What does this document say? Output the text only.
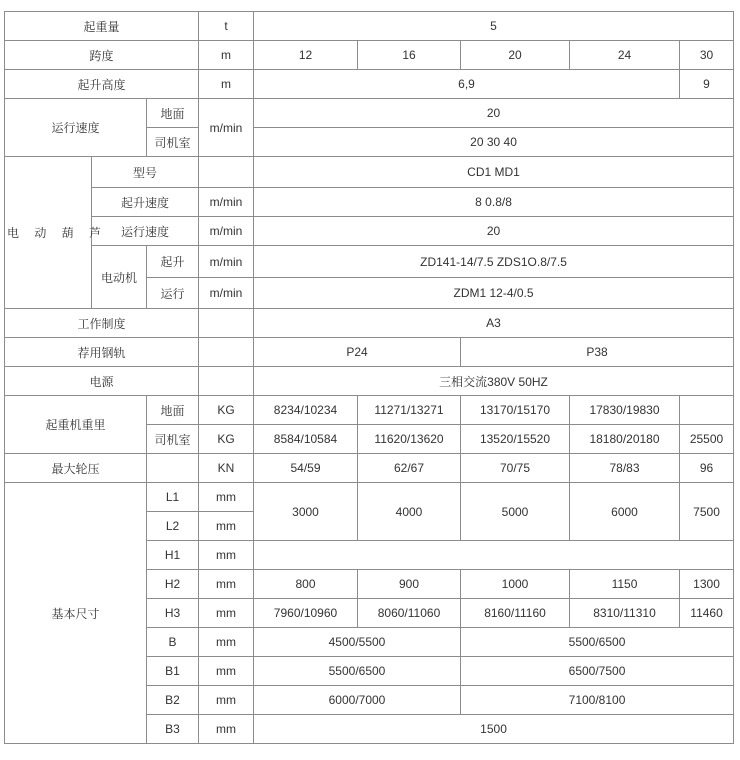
起重量			t	5				
跨度			m	12	16	20	24	30
起升高度			m	6,9				9
运行速度		地面	m/min	20				
		司机室		20 30 40				
电 动 葫 芦	型号			CD1 MD1				
	起升速度		m/min	8 0.8/8				
	运行速度		m/min	20				
	电动机	起升	m/min	ZD141-14/7.5 ZDS1O.8/7.5				
		运行	m/min	ZDM1 12-4/0.5				
工作制度				A3				
荐用钢轨				P24		P38		
电源				三相交流380V 50HZ				
起重机重里		地面	KG	8234/10234	11271/13271	13170/15170	17830/19830	
		司机室	KG	8584/10584	11620/13620	13520/15520	18180/20180	25500
最大轮压			KN	54/59	62/67	70/75	78/83	96
基本尺寸		L1	mm	3000	4000	5000	6000	7500
		L2	mm					
		H1	mm					
		H2	mm	800	900	1000	1150	1300
		H3	mm	7960/10960	8060/11060	8160/11160	8310/11310	11460
		B	mm	4500/5500		5500/6500		
		B1	mm	5500/6500		6500/7500		
		B2	mm	6000/7000		7100/8100		
		B3	mm	1500				
